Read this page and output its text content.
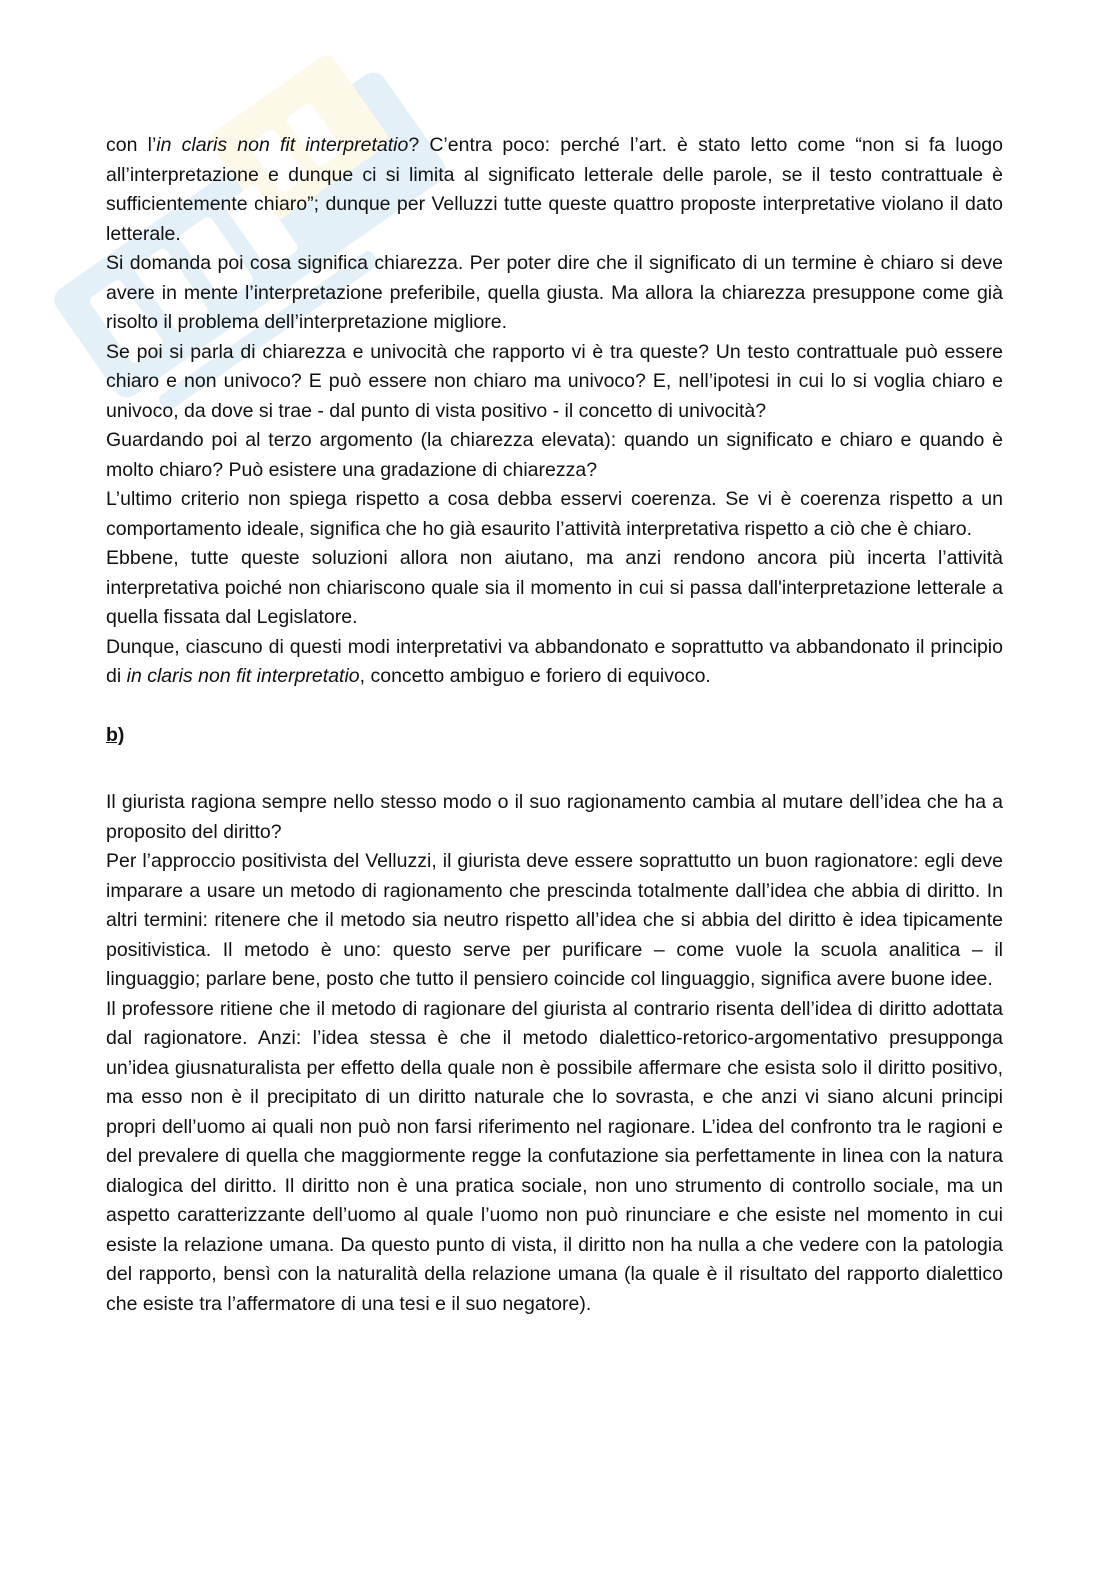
con l’in claris non fit interpretatio? C’entra poco: perché l’art. è stato letto come “non si fa luogo all’interpretazione e dunque ci si limita al significato letterale delle parole, se il testo contrattuale è sufficientemente chiaro”; dunque per Velluzzi tutte queste quattro proposte interpretative violano il dato letterale.

Si domanda poi cosa significa chiarezza. Per poter dire che il significato di un termine è chiaro si deve avere in mente l’interpretazione preferibile, quella giusta. Ma allora la chiarezza presuppone come già risolto il problema dell’interpretazione migliore.

Se poi si parla di chiarezza e univocità che rapporto vi è tra queste? Un testo contrattuale può essere chiaro e non univoco? E può essere non chiaro ma univoco? E, nell’ipotesi in cui lo si voglia chiaro e univoco, da dove si trae - dal punto di vista positivo - il concetto di univocità?

Guardando poi al terzo argomento (la chiarezza elevata): quando un significato e chiaro e quando è molto chiaro? Può esistere una gradazione di chiarezza?

L’ultimo criterio non spiega rispetto a cosa debba esservi coerenza. Se vi è coerenza rispetto a un comportamento ideale, significa che ho già esaurito l’attività interpretativa rispetto a ciò che è chiaro.

Ebbene, tutte queste soluzioni allora non aiutano, ma anzi rendono ancora più incerta l’attività interpretativa poiché non chiariscono quale sia il momento in cui si passa dall'interpretazione letterale a quella fissata dal Legislatore.

Dunque, ciascuno di questi modi interpretativi va abbandonato e soprattutto va abbandonato il principio di in claris non fit interpretatio, concetto ambiguo e foriero di equivoco.

b)

Il giurista ragiona sempre nello stesso modo o il suo ragionamento cambia al mutare dell’idea che ha a proposito del diritto?

Per l’approccio positivista del Velluzzi, il giurista deve essere soprattutto un buon ragionatore: egli deve imparare a usare un metodo di ragionamento che prescinda totalmente dall’idea che abbia di diritto. In altri termini: ritenere che il metodo sia neutro rispetto all’idea che si abbia del diritto è idea tipicamente positivistica. Il metodo è uno: questo serve per purificare – come vuole la scuola analitica – il linguaggio; parlare bene, posto che tutto il pensiero coincide col linguaggio, significa avere buone idee.

Il professore ritiene che il metodo di ragionare del giurista al contrario risenta dell’idea di diritto adottata dal ragionatore. Anzi: l’idea stessa è che il metodo dialettico-retorico-argomentativo presupponga un’idea giusnaturalista per effetto della quale non è possibile affermare che esista solo il diritto positivo, ma esso non è il precipitato di un diritto naturale che lo sovrasta, e che anzi vi siano alcuni principi propri dell’uomo ai quali non può non farsi riferimento nel ragionare. L’idea del confronto tra le ragioni e del prevalere di quella che maggiormente regge la confutazione sia perfettamente in linea con la natura dialogica del diritto. Il diritto non è una pratica sociale, non uno strumento di controllo sociale, ma un aspetto caratterizzante dell’uomo al quale l’uomo non può rinunciare e che esiste nel momento in cui esiste la relazione umana. Da questo punto di vista, il diritto non ha nulla a che vedere con la patologia del rapporto, bensì con la naturalità della relazione umana (la quale è il risultato del rapporto dialettico che esiste tra l’affermatore di una tesi e il suo negatore).
